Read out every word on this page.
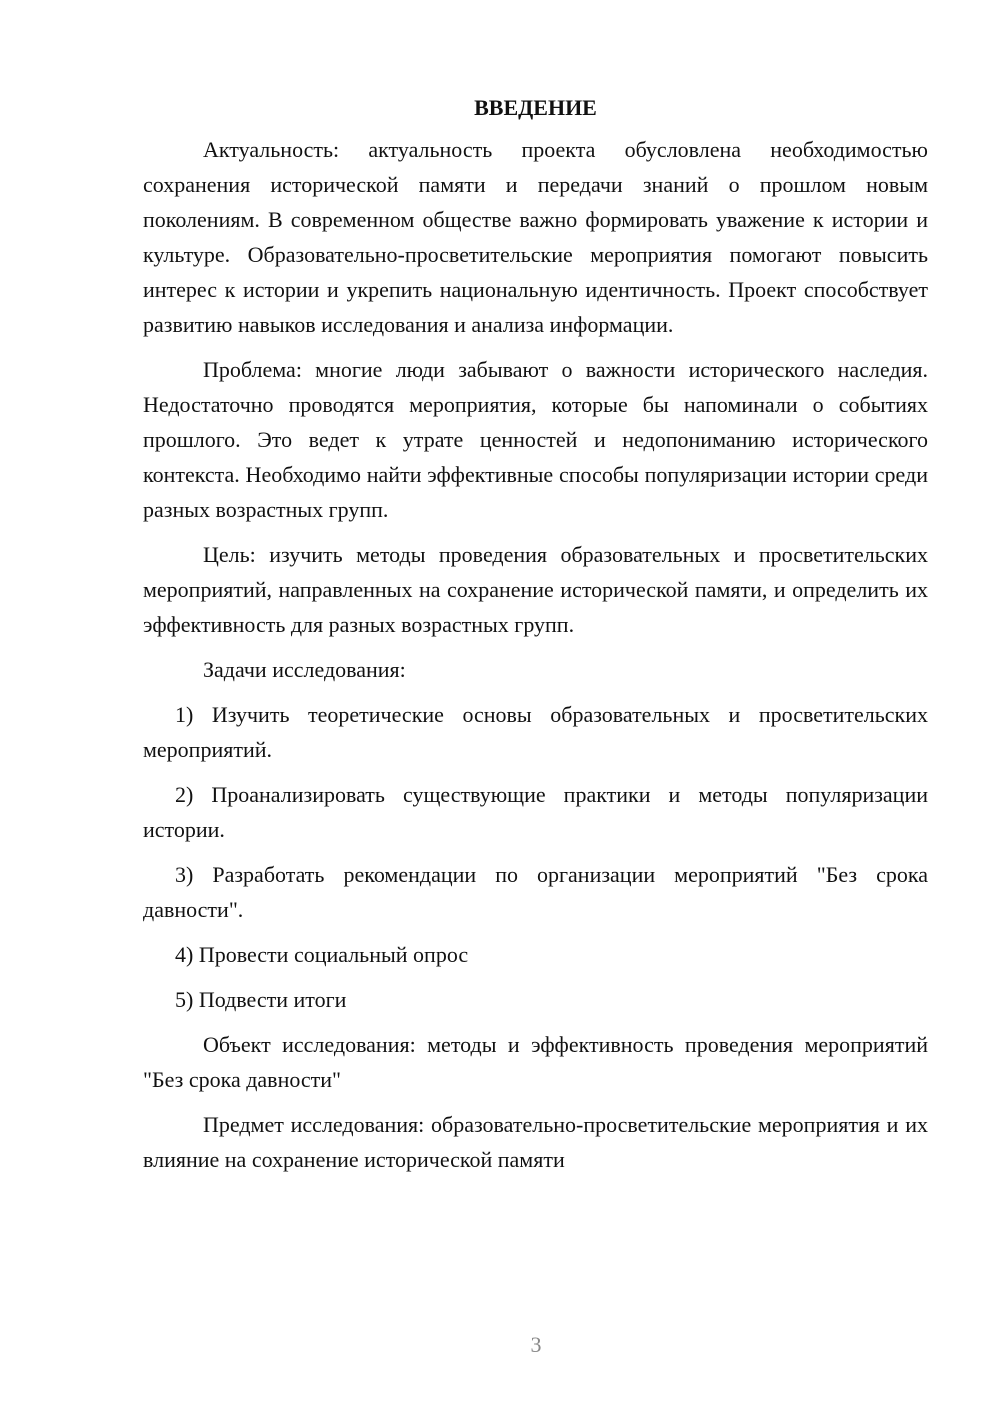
ВВЕДЕНИЕ

Актуальность: актуальность проекта обусловлена необходимостью сохранения исторической памяти и передачи знаний о прошлом новым поколениям. В современном обществе важно формировать уважение к истории и культуре. Образовательно-просветительские мероприятия помогают повысить интерес к истории и укрепить национальную идентичность. Проект способствует развитию навыков исследования и анализа информации.

Проблема: многие люди забывают о важности исторического наследия. Недостаточно проводятся мероприятия, которые бы напоминали о событиях прошлого. Это ведет к утрате ценностей и недопониманию исторического контекста. Необходимо найти эффективные способы популяризации истории среди разных возрастных групп.

Цель: изучить методы проведения образовательных и просветительских мероприятий, направленных на сохранение исторической памяти, и определить их эффективность для разных возрастных групп.

Задачи исследования:

1) Изучить теоретические основы образовательных и просветительских мероприятий.

2) Проанализировать существующие практики и методы популяризации истории.

3) Разработать рекомендации по организации мероприятий "Без срока давности".

4) Провести социальный опрос

5) Подвести итоги

Объект исследования: методы и эффективность проведения мероприятий "Без срока давности"

Предмет исследования: образовательно-просветительские мероприятия и их влияние на сохранение исторической памяти

3
